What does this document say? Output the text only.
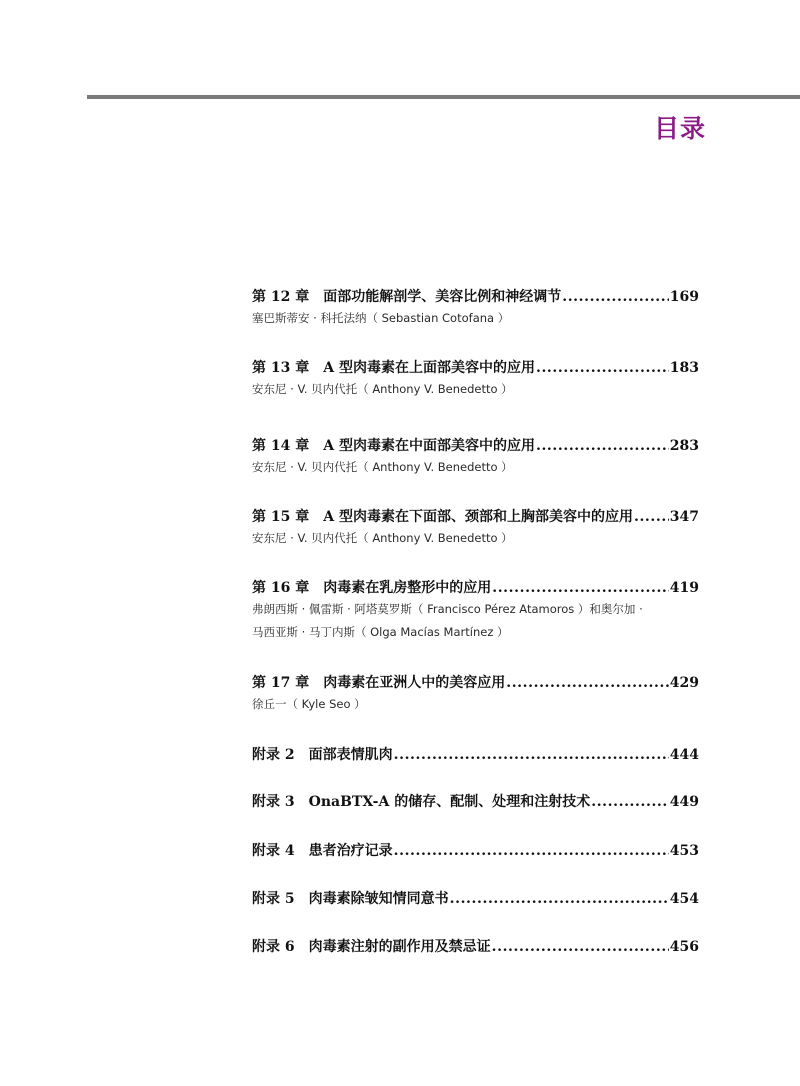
目录
第 12 章 面部功能解剖学、美容比例和神经调节 .....	169
塞巴斯蒂安 · 科托法纳（ Sebastian Cotofana ）
第 13 章 A 型肉毒素在上面部美容中的应用 .....	183
安东尼 · V. 贝内代托（ Anthony V. Benedetto ）
第 14 章 A 型肉毒素在中面部美容中的应用 .....	283
安东尼 · V. 贝内代托（ Anthony V. Benedetto ）
第 15 章 A 型肉毒素在下面部、颈部和上胸部美容中的应用 .....	347
安东尼 · V. 贝内代托（ Anthony V. Benedetto ）
第 16 章 肉毒素在乳房整形中的应用 .....	419
弗朗西斯 · 佩雷斯 · 阿塔莫罗斯（ Francisco Pérez Atamoros ）和奥尔加 ·
马西亚斯 · 马丁内斯（ Olga Macías Martínez ）
第 17 章 肉毒素在亚洲人中的美容应用 .....	429
徐丘一（ Kyle Seo ）
附录 2 面部表情肌肉 .....	444
附录 3 OnaBTX-A 的储存、配制、处理和注射技术 .....	449
附录 4 患者治疗记录 .....	453
附录 5 肉毒素除皱知情同意书 .....	454
附录 6 肉毒素注射的副作用及禁忌证 .....	456
